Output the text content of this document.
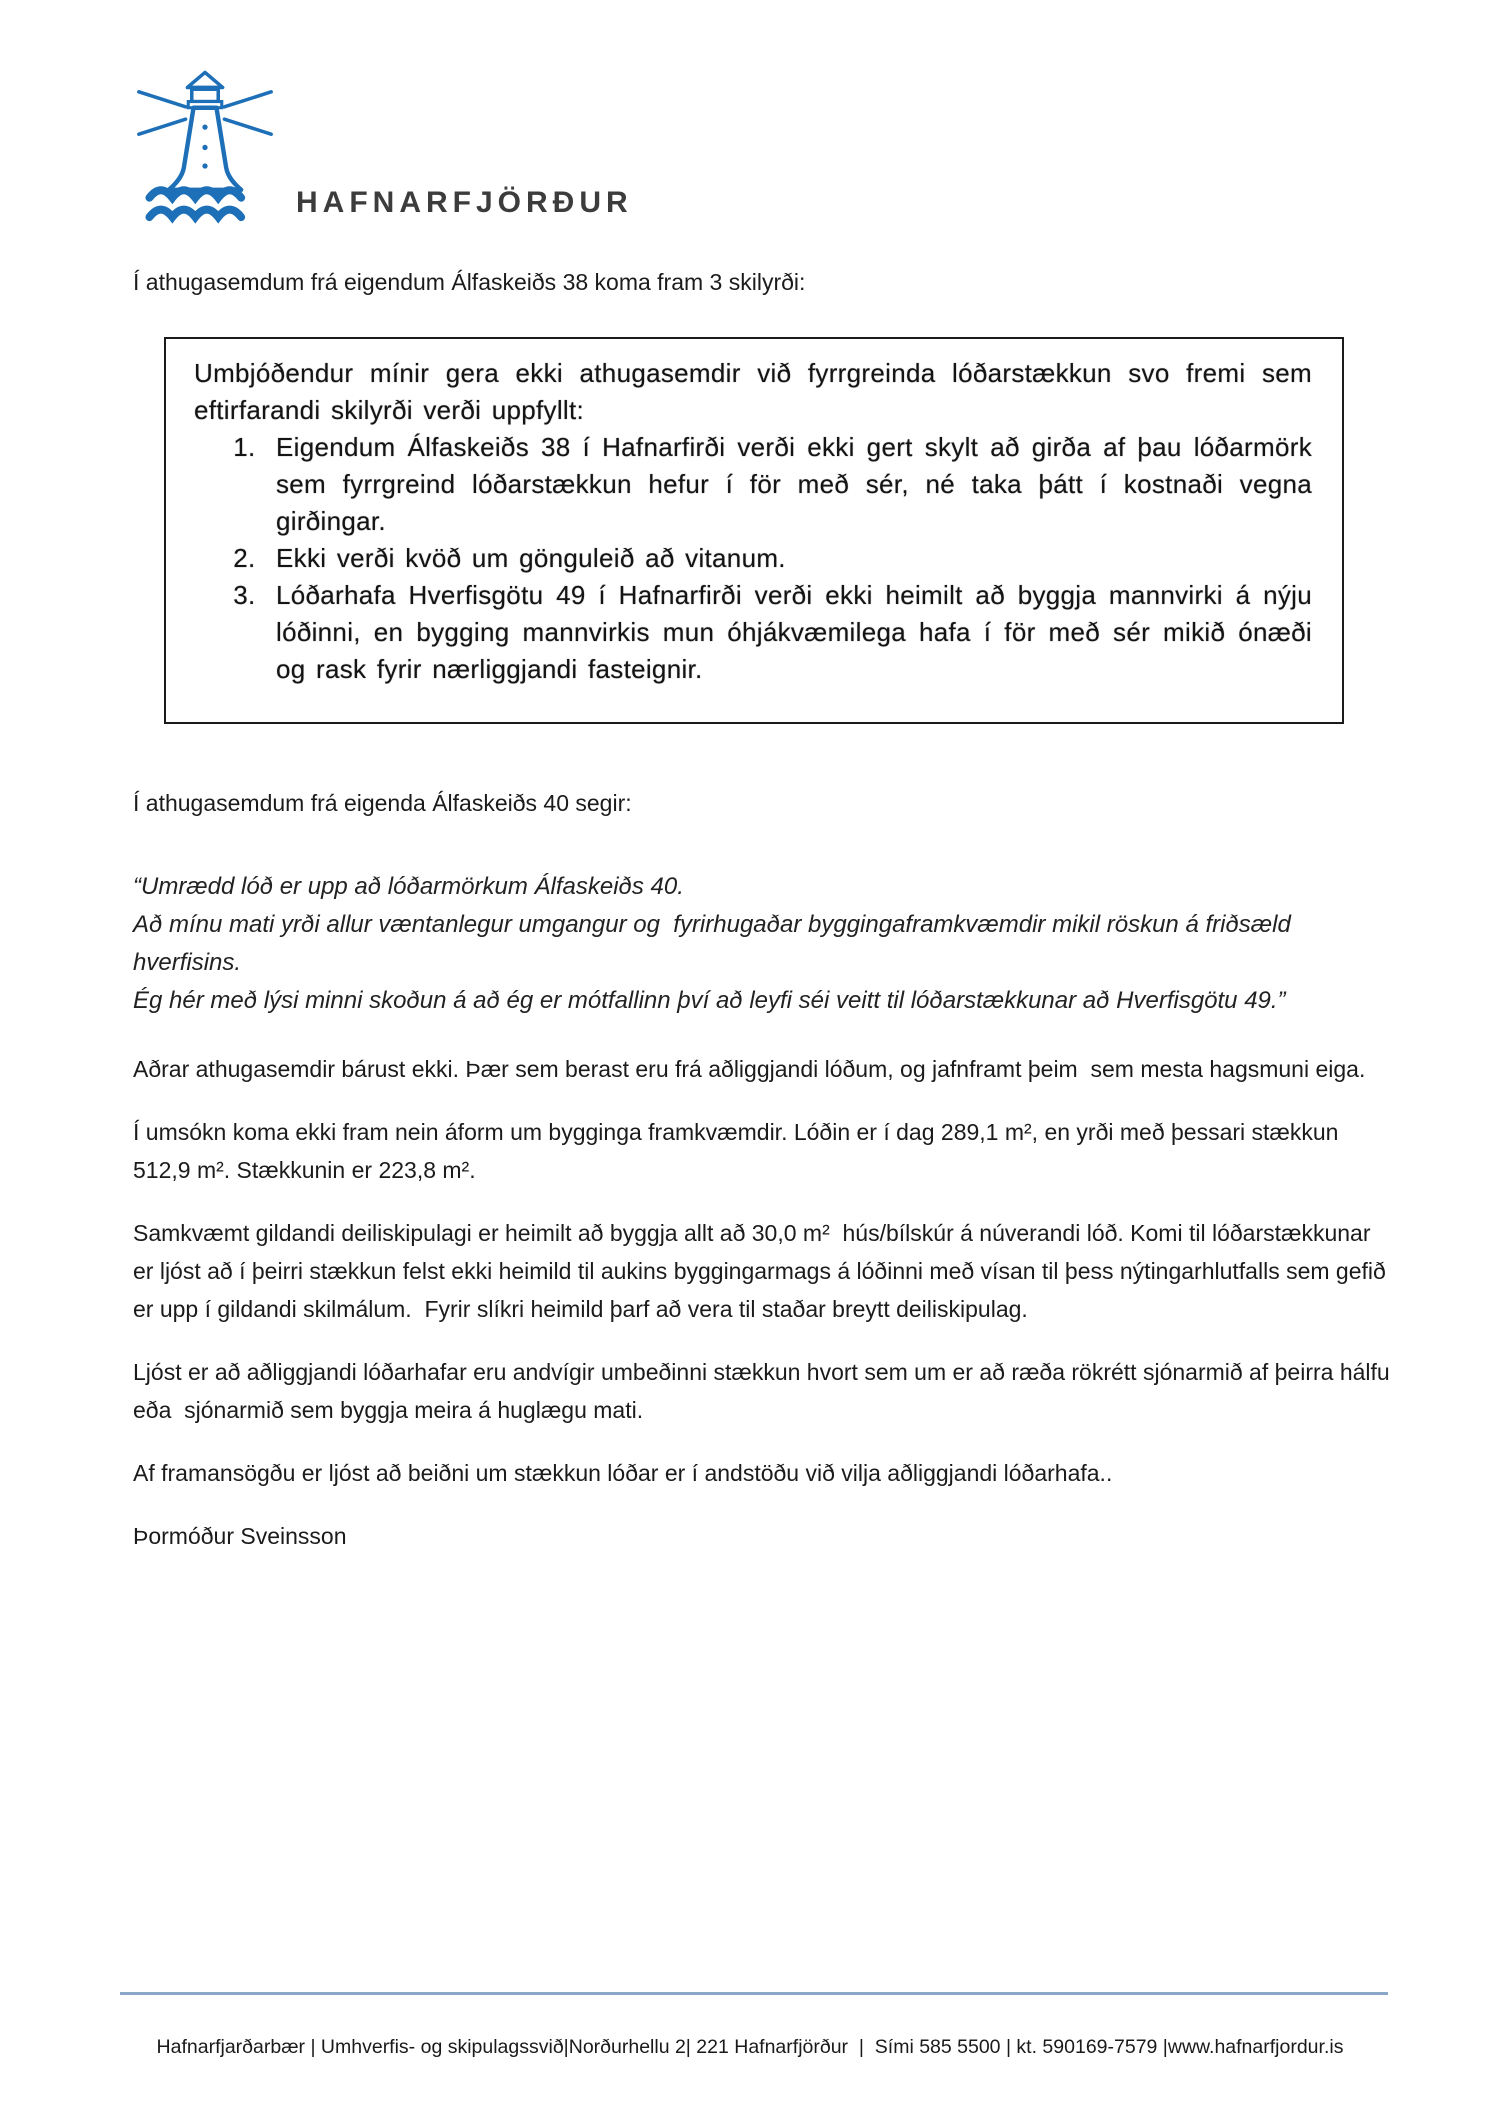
HAFNARFJÖRÐUR

Í athugasemdum frá eigendum Álfaskeiðs 38 koma fram 3 skilyrði:

Umbjóðendur mínir gera ekki athugasemdir við fyrrgreinda lóðarstækkun svo fremi sem eftirfarandi skilyrði verði uppfyllt:

1. Eigendum Álfaskeiðs 38 í Hafnarfirði verði ekki gert skylt að girða af þau lóðarmörk sem fyrrgreind lóðarstækkun hefur í för með sér, né taka þátt í kostnaði vegna girðingar.
2. Ekki verði kvöð um gönguleið að vitanum.
3. Lóðarhafa Hverfisgötu 49 í Hafnarfirði verði ekki heimilt að byggja mannvirki á nýju lóðinni, en bygging mannvirkis mun óhjákvæmilega hafa í för með sér mikið ónæði og rask fyrir nærliggjandi fasteignir.

Í athugasemdum frá eigenda Álfaskeiðs 40 segir:

“Umrædd lóð er upp að lóðarmörkum Álfaskeiðs 40.

Að mínu mati yrði allur væntanlegur umgangur og  fyrirhugaðar byggingaframkvæmdir mikil röskun á friðsæld hverfisins.

Ég hér með lýsi minni skoðun á að ég er mótfallinn því að leyfi séi veitt til lóðarstækkunar að Hverfisgötu 49.”

Aðrar athugasemdir bárust ekki. Þær sem berast eru frá aðliggjandi lóðum, og jafnframt þeim  sem mesta hagsmuni eiga.

Í umsókn koma ekki fram nein áform um bygginga framkvæmdir. Lóðin er í dag 289,1 m², en yrði með þessari stækkun 512,9 m². Stækkunin er 223,8 m².

Samkvæmt gildandi deiliskipulagi er heimilt að byggja allt að 30,0 m²  hús/bílskúr á núverandi lóð. Komi til lóðarstækkunar er ljóst að í þeirri stækkun felst ekki heimild til aukins byggingarmags á lóðinni með vísan til þess nýtingarhlutfalls sem gefið er upp í gildandi skilmálum.  Fyrir slíkri heimild þarf að vera til staðar breytt deiliskipulag.

Ljóst er að aðliggjandi lóðarhafar eru andvígir umbeðinni stækkun hvort sem um er að ræða rökrétt sjónarmið af þeirra hálfu  eða  sjónarmið sem byggja meira á huglægu mati.

Af framansögðu er ljóst að beiðni um stækkun lóðar er í andstöðu við vilja aðliggjandi lóðarhafa..

Þormóður Sveinsson

Hafnarfjarðarbær | Umhverfis- og skipulagssvið|Norðurhellu 2| 221 Hafnarfjörður  |  Sími 585 5500 | kt. 590169-7579 |www.hafnarfjordur.is
